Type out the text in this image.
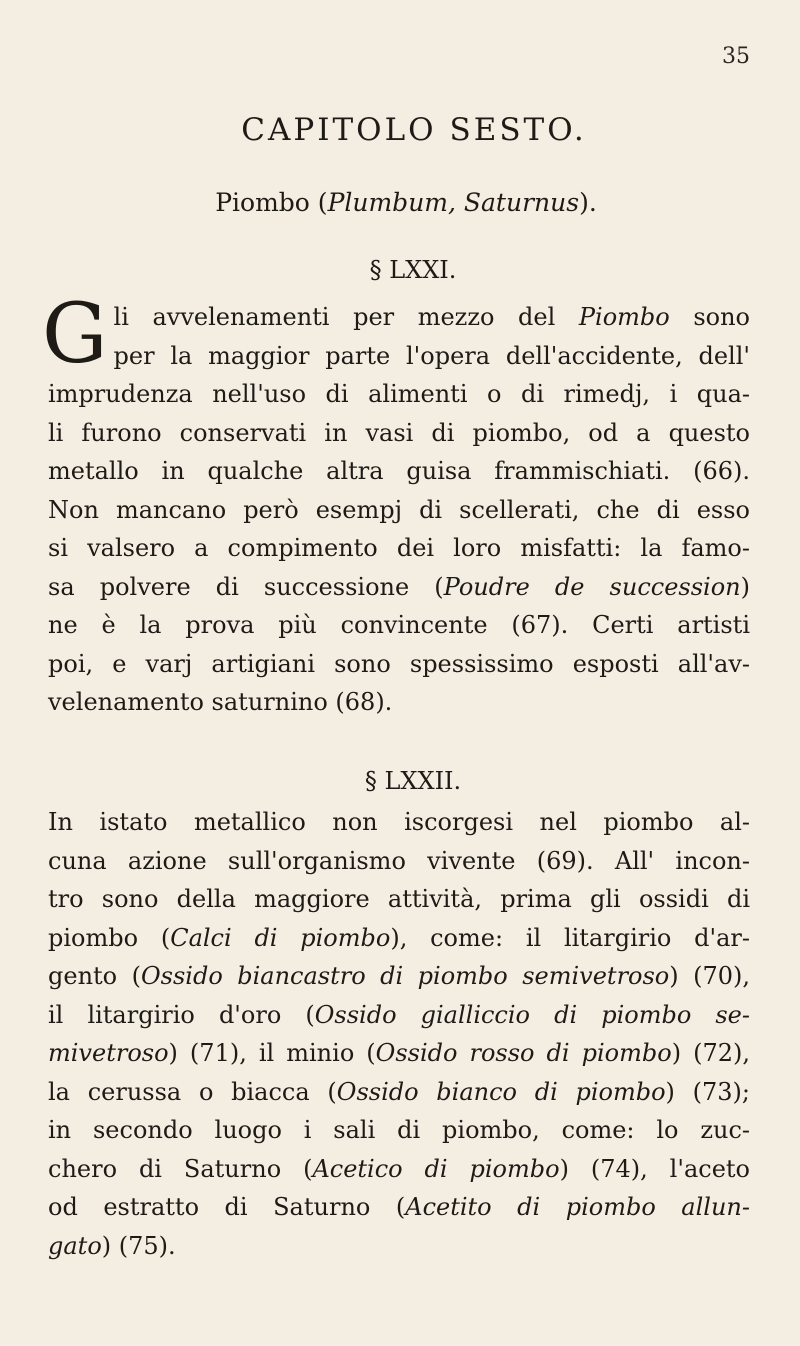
35
CAPITOLO SESTO.
Piombo (Plumbum, Saturnus).
§ LXXI.
G li avvelenamenti per mezzo del Piombo sono
per la maggior parte l'opera dell'accidente, dell'
imprudenza nell'uso di alimenti o di rimedj, i qua-
li furono conservati in vasi di piombo, od a questo
metallo in qualche altra guisa frammischiati. (66).
Non mancano però esempj di scellerati, che di esso
si valsero a compimento dei loro misfatti: la famo-
sa polvere di successione (Poudre de succession)
ne è la prova più convincente (67). Certi artisti
poi, e varj artigiani sono spessissimo esposti all'av-
velenamento saturnino (68).
§ LXXII.
In istato metallico non iscorgesi nel piombo al-
cuna azione sull'organismo vivente (69). All' incon-
tro sono della maggiore attività, prima gli ossidi di
piombo (Calci di piombo), come: il litargirio d'ar-
gento (Ossido biancastro di piombo semivetroso) (70),
il litargirio d'oro (Ossido gialliccio di piombo se-
mivetroso) (71), il minio (Ossido rosso di piombo) (72),
la cerussa o biacca (Ossido bianco di piombo) (73);
in secondo luogo i sali di piombo, come: lo zuc-
chero di Saturno (Acetico di piombo) (74), l'aceto
od estratto di Saturno (Acetito di piombo allun-
gato) (75).
